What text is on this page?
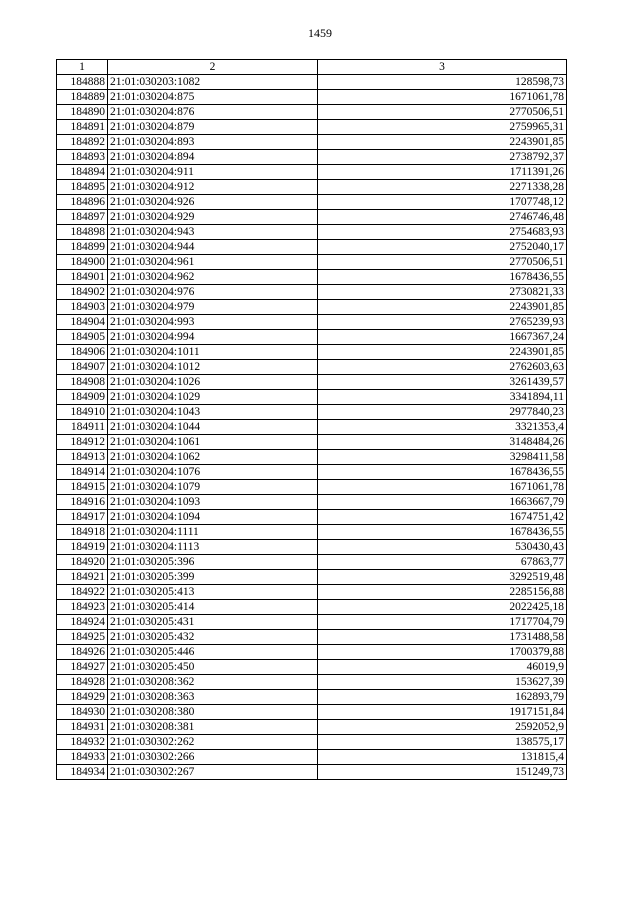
1459
1	2	3
184888	21:01:030203:1082	128598,73
184889	21:01:030204:875	1671061,78
184890	21:01:030204:876	2770506,51
184891	21:01:030204:879	2759965,31
184892	21:01:030204:893	2243901,85
184893	21:01:030204:894	2738792,37
184894	21:01:030204:911	1711391,26
184895	21:01:030204:912	2271338,28
184896	21:01:030204:926	1707748,12
184897	21:01:030204:929	2746746,48
184898	21:01:030204:943	2754683,93
184899	21:01:030204:944	2752040,17
184900	21:01:030204:961	2770506,51
184901	21:01:030204:962	1678436,55
184902	21:01:030204:976	2730821,33
184903	21:01:030204:979	2243901,85
184904	21:01:030204:993	2765239,93
184905	21:01:030204:994	1667367,24
184906	21:01:030204:1011	2243901,85
184907	21:01:030204:1012	2762603,63
184908	21:01:030204:1026	3261439,57
184909	21:01:030204:1029	3341894,11
184910	21:01:030204:1043	2977840,23
184911	21:01:030204:1044	3321353,4
184912	21:01:030204:1061	3148484,26
184913	21:01:030204:1062	3298411,58
184914	21:01:030204:1076	1678436,55
184915	21:01:030204:1079	1671061,78
184916	21:01:030204:1093	1663667,79
184917	21:01:030204:1094	1674751,42
184918	21:01:030204:1111	1678436,55
184919	21:01:030204:1113	530430,43
184920	21:01:030205:396	67863,77
184921	21:01:030205:399	3292519,48
184922	21:01:030205:413	2285156,88
184923	21:01:030205:414	2022425,18
184924	21:01:030205:431	1717704,79
184925	21:01:030205:432	1731488,58
184926	21:01:030205:446	1700379,88
184927	21:01:030205:450	46019,9
184928	21:01:030208:362	153627,39
184929	21:01:030208:363	162893,79
184930	21:01:030208:380	1917151,84
184931	21:01:030208:381	2592052,9
184932	21:01:030302:262	138575,17
184933	21:01:030302:266	131815,4
184934	21:01:030302:267	151249,73
